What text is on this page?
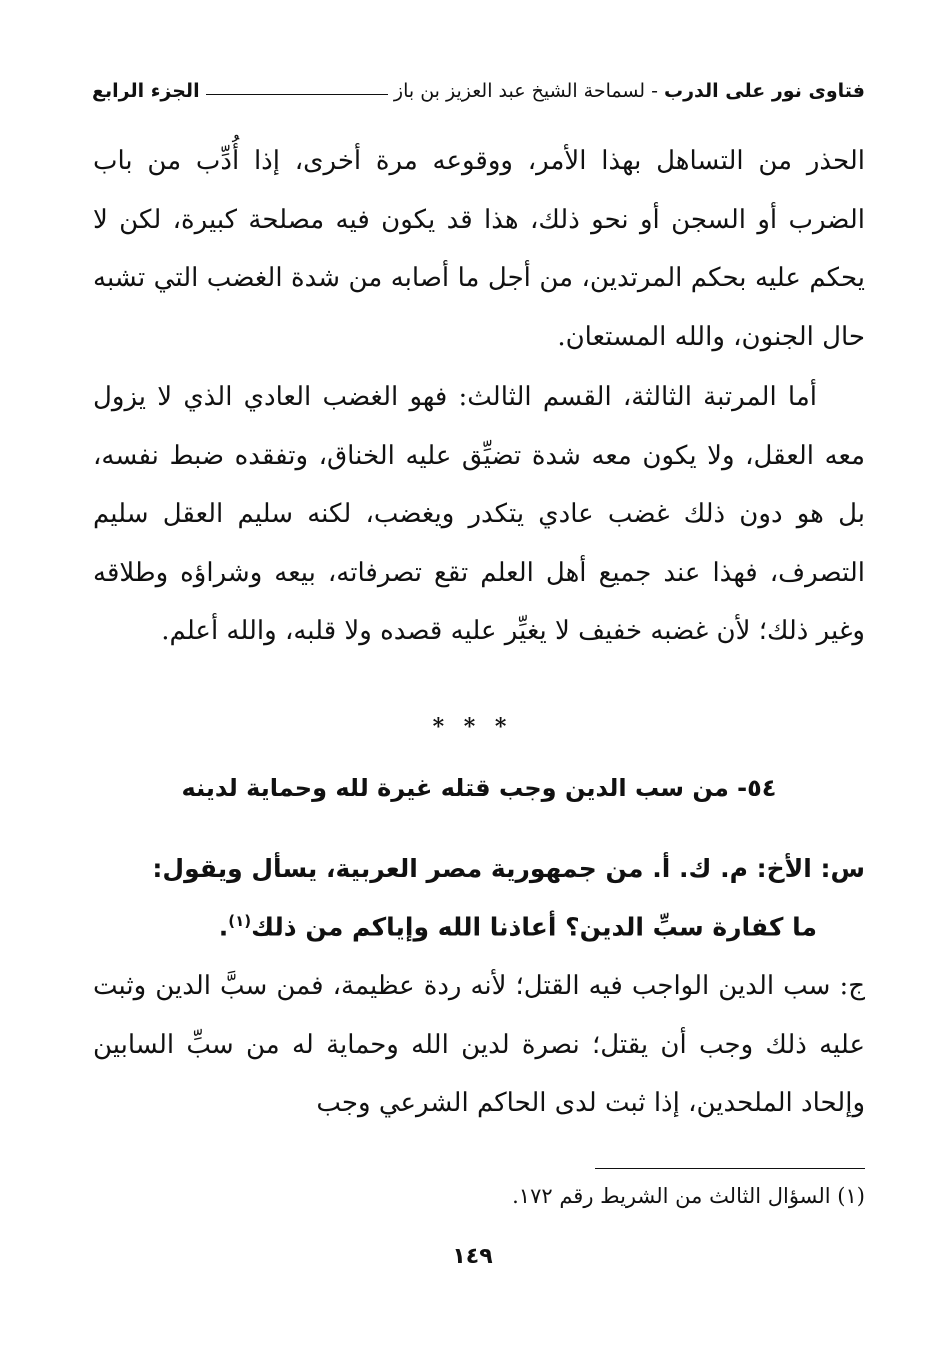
فتاوى نور على الدرب
- لسماحة الشيخ عبد العزيز بن باز
الجزء الرابع

الحذر من التساهل بهذا الأمر، ووقوعه مرة أخرى، إذا أُدِّب من باب الضرب أو السجن أو نحو ذلك، هذا قد يكون فيه مصلحة كبيرة، لكن لا يحكم عليه بحكم المرتدين، من أجل ما أصابه من شدة الغضب التي تشبه حال الجنون، والله المستعان.

أما المرتبة الثالثة، القسم الثالث: فهو الغضب العادي الذي لا يزول معه العقل، ولا يكون معه شدة تضيِّق عليه الخناق، وتفقده ضبط نفسه، بل هو دون ذلك غضب عادي يتكدر ويغضب، لكنه سليم العقل سليم التصرف، فهذا عند جميع أهل العلم تقع تصرفاته، بيعه وشراؤه وطلاقه وغير ذلك؛ لأن غضبه خفيف لا يغيِّر عليه قصده ولا قلبه، والله أعلم.

* * *
٥٤- من سب الدين وجب قتله غيرة لله وحماية لدينه
س: الأخ: م. ك. أ. من جمهورية مصر العربية، يسأل ويقول:
ما كفارة سبِّ الدين؟ أعاذنا الله وإياكم من ذلك$^{(١)}$.

ج: سب الدين الواجب فيه القتل؛ لأنه ردة عظيمة، فمن سبَّ الدين وثبت عليه ذلك وجب أن يقتل؛ نصرة لدين الله وحماية له من سبِّ السابين وإلحاد الملحدين، إذا ثبت لدى الحاكم الشرعي وجب

(١) السؤال الثالث من الشريط رقم ١٧٢.
١٤٩
